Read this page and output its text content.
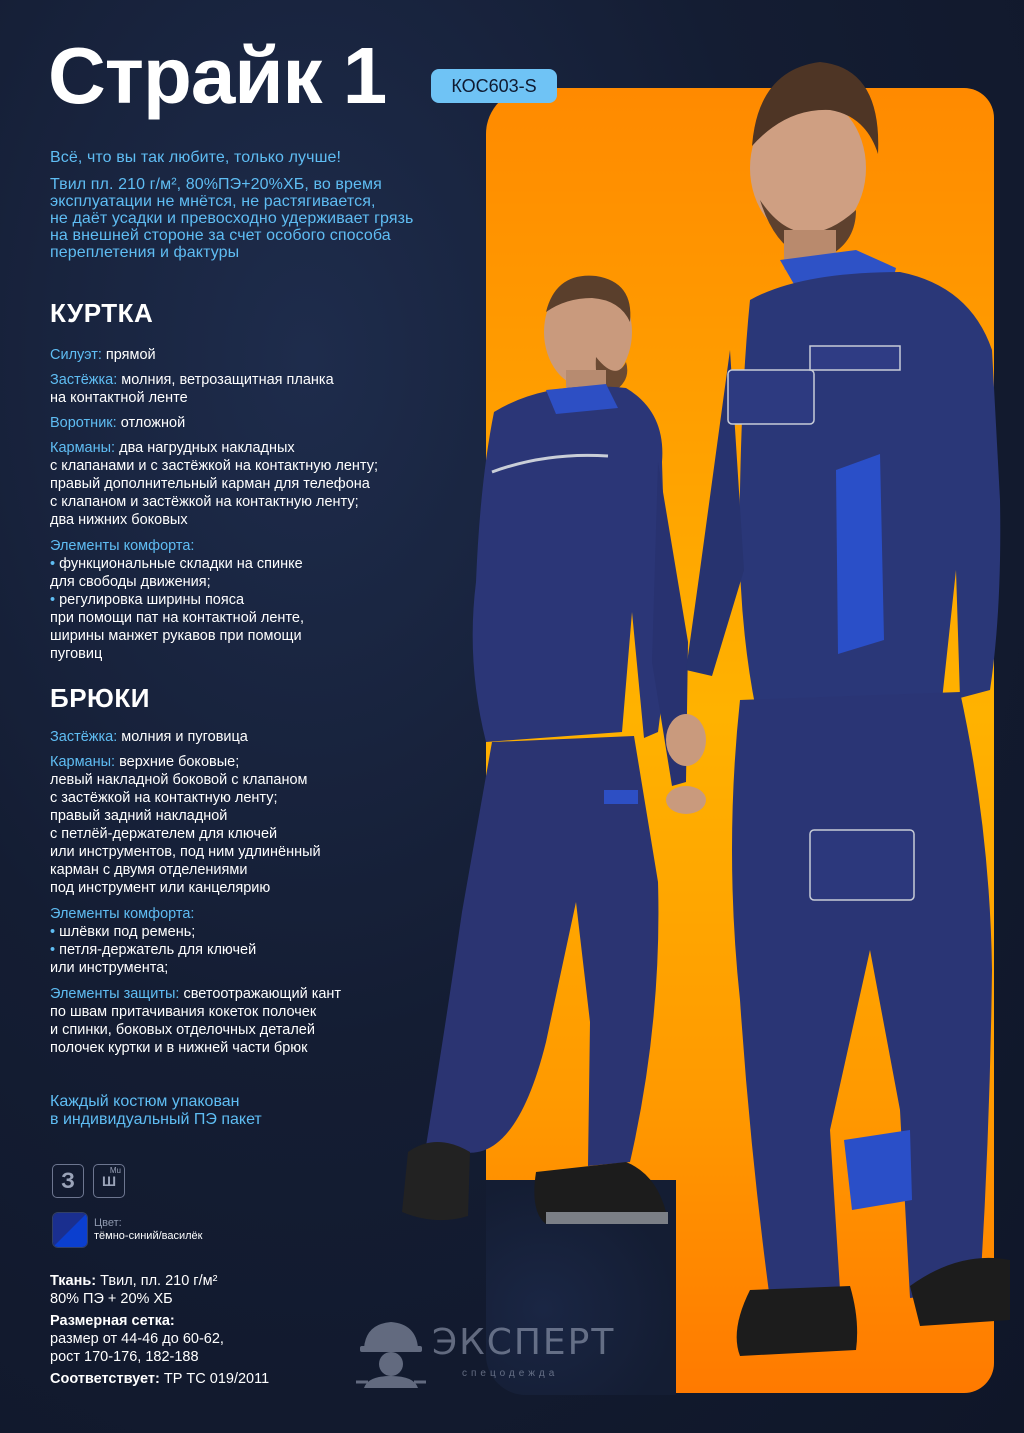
Страйк 1	КОС603-S
Всё, что вы так любите, только лучше!
Твил пл. 210 г/м², 80%ПЭ+20%ХБ, во время
эксплуатации не мнётся, не растягивается,
не даёт усадки и превосходно удерживает грязь
на внешней стороне за счет особого способа
переплетения и фактуры
КУРТКА
Силуэт: прямой
Застёжка: молния, ветрозащитная планка
на контактной ленте
Воротник: отложной
Карманы: два нагрудных накладных
с клапанами и с застёжкой на контактную ленту;
правый дополнительный карман для телефона
с клапаном и застёжкой на контактную ленту;
два нижних боковых
Элементы комфорта:
• функциональные складки на спинке
для свободы движения;
• регулировка ширины пояса
при помощи пат на контактной ленте,
ширины манжет рукавов при помощи
пуговиц
БРЮКИ
Застёжка: молния и пуговица
Карманы: верхние боковые;
левый накладной боковой с клапаном
с застёжкой на контактную ленту;
правый задний накладной
с петлёй-держателем для ключей
или инструментов, под ним удлинённый
карман с двумя отделениями
под инструмент или канцелярию
Элементы комфорта:
• шлёвки под ремень;
• петля-держатель для ключей
или инструмента;
Элементы защиты: светоотражающий кант
по швам притачивания кокеток полочек
и спинки, боковых отделочных деталей
полочек куртки и в нижней части брюк
Каждый костюм упакован
в индивидуальный ПЭ пакет
З	Mu
Ш
Цвет:
тёмно-синий/василёк
Ткань: Твил, пл. 210 г/м²
80% ПЭ + 20% ХБ
Размерная сетка:
размер от 44-46 до 60-62,
рост 170-176, 182-188
Соответствует: ТР ТС 019/2011
ЭКСПЕРТ
спецодежда
